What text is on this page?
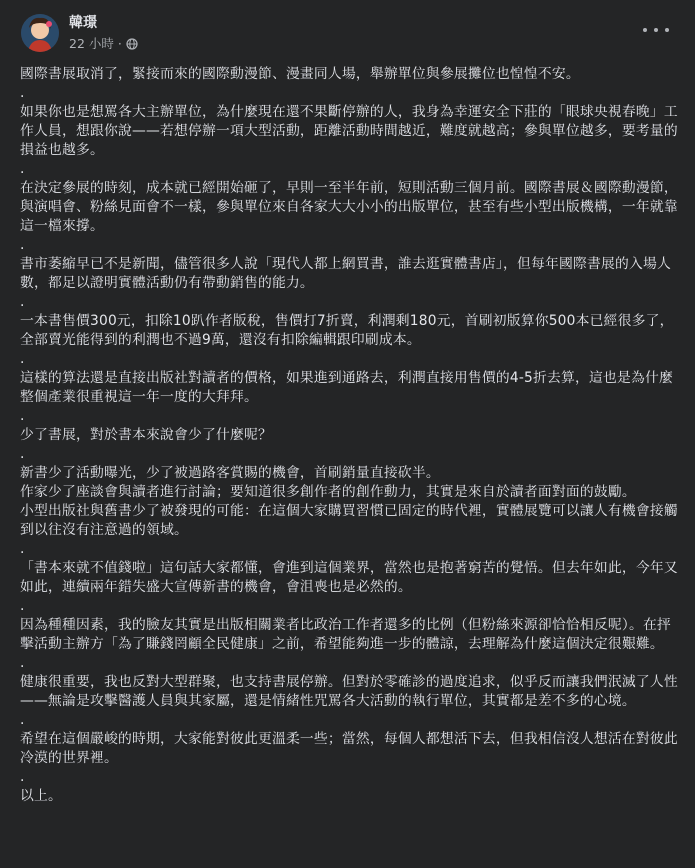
韓璟
22 小時 ·

國際書展取消了，緊接而來的國際動漫節、漫畫同人場，舉辦單位與參展攤位也惶惶不安。

.

如果你也是想罵各大主辦單位，為什麼現在還不果斷停辦的人，我身為幸運安全下莊的「眼球央視春晚」工作人員，想跟你說——若想停辦一項大型活動，距離活動時間越近，難度就越高；參與單位越多，要考量的損益也越多。

.

在決定參展的時刻，成本就已經開始砸了，早則一至半年前，短則活動三個月前。國際書展＆國際動漫節，與演唱會、粉絲見面會不一樣，參與單位來自各家大大小小的出版單位，甚至有些小型出版機構，一年就靠這一檔來撐。

.

書市萎縮早已不是新聞，儘管很多人說「現代人都上網買書，誰去逛實體書店」，但每年國際書展的入場人數，都足以證明實體活動仍有帶動銷售的能力。

.

一本書售價300元，扣除10趴作者版稅，售價打7折賣，利潤剩180元，首刷初版算你500本已經很多了，全部賣光能得到的利潤也不過9萬，還沒有扣除編輯跟印刷成本。

.

這樣的算法還是直接出版社對讀者的價格，如果進到通路去，利潤直接用售價的4-5折去算，這也是為什麼整個產業很重視這一年一度的大拜拜。

.

少了書展，對於書本來說會少了什麼呢？

.

新書少了活動曝光，少了被過路客賞賜的機會，首刷銷量直接砍半。
作家少了座談會與讀者進行討論；要知道很多創作者的創作動力，其實是來自於讀者面對面的鼓勵。
小型出版社與舊書少了被發現的可能：在這個大家購買習慣已固定的時代裡，實體展覽可以讓人有機會接觸到以往沒有注意過的領域。

.

「書本來就不值錢啦」這句話大家都懂，會進到這個業界，當然也是抱著窮苦的覺悟。但去年如此，今年又如此，連續兩年錯失盛大宣傳新書的機會，會沮喪也是必然的。

.

因為種種因素，我的臉友其實是出版相關業者比政治工作者還多的比例（但粉絲來源卻恰恰相反呢）。在抨擊活動主辦方「為了賺錢罔顧全民健康」之前，希望能夠進一步的體諒，去理解為什麼這個決定很艱難。

.

健康很重要，我也反對大型群聚，也支持書展停辦。但對於零確診的過度追求，似乎反而讓我們泯滅了人性——無論是攻擊醫護人員與其家屬，還是情緒性咒罵各大活動的執行單位，其實都是差不多的心境。

.

希望在這個嚴峻的時期，大家能對彼此更溫柔一些；當然，每個人都想活下去，但我相信沒人想活在對彼此冷漠的世界裡。

.

以上。
